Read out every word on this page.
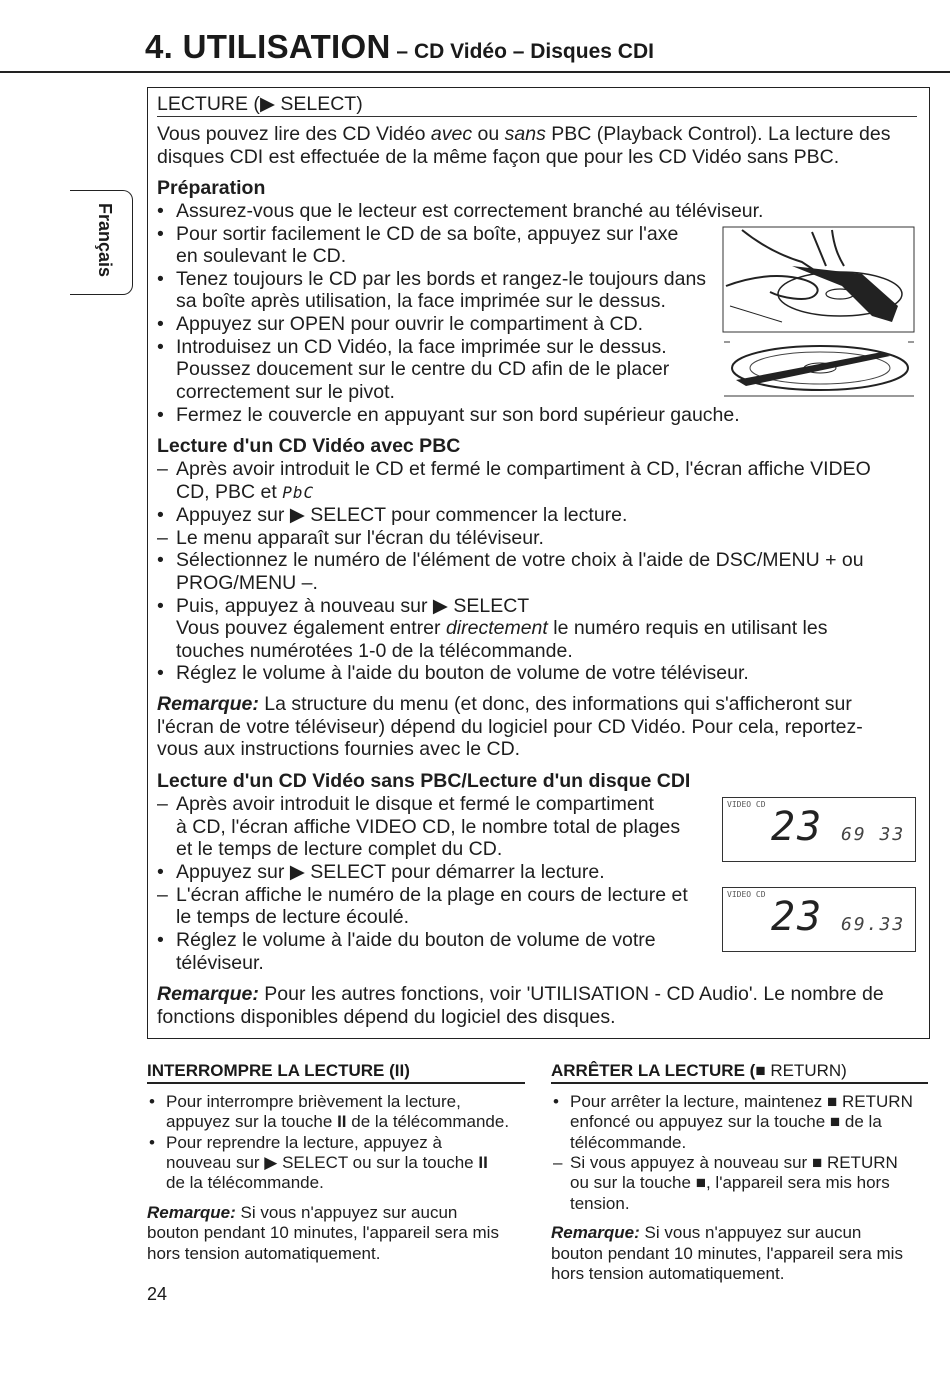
4. UTILISATION – CD Vidéo – Disques CDI
Français
LECTURE (▶ SELECT)
Vous pouvez lire des CD Vidéo avec ou sans PBC (Playback Control). La lecture des
disques CDI est effectuée de la même façon que pour les CD Vidéo sans PBC.
Préparation
• Assurez-vous que le lecteur est correctement branché au téléviseur.
• Pour sortir facilement le CD de sa boîte, appuyez sur l'axe
en soulevant le CD.
• Tenez toujours le CD par les bords et rangez-le toujours dans
sa boîte après utilisation, la face imprimée sur le dessus.
• Appuyez sur OPEN pour ouvrir le compartiment à CD.
• Introduisez un CD Vidéo, la face imprimée sur le dessus.
Poussez doucement sur le centre du CD afin de le placer
correctement sur le pivot.
• Fermez le couvercle en appuyant sur son bord supérieur gauche.
Lecture d'un CD Vidéo avec PBC
– Après avoir introduit le CD et fermé le compartiment à CD, l'écran affiche VIDEO
CD, PBC et PbC
• Appuyez sur ▶ SELECT pour commencer la lecture.
– Le menu apparaît sur l'écran du téléviseur.
• Sélectionnez le numéro de l'élément de votre choix à l'aide de DSC/MENU + ou
PROG/MENU –.
• Puis, appuyez à nouveau sur ▶ SELECT
Vous pouvez également entrer directement le numéro requis en utilisant les
touches numérotées 1-0 de la télécommande.
• Réglez le volume à l'aide du bouton de volume de votre téléviseur.
Remarque: La structure du menu (et donc, des informations qui s'afficheront sur
l'écran de votre téléviseur) dépend du logiciel pour CD Vidéo. Pour cela, reportez-
vous aux instructions fournies avec le CD.
Lecture d'un CD Vidéo sans PBC/Lecture d'un disque CDI
– Après avoir introduit le disque et fermé le compartiment
à CD, l'écran affiche VIDEO CD, le nombre total de plages
et le temps de lecture complet du CD.
• Appuyez sur ▶ SELECT pour démarrer la lecture.
– L'écran affiche le numéro de la plage en cours de lecture et
le temps de lecture écoulé.
• Réglez le volume à l'aide du bouton de volume de votre
téléviseur.
VIDEO CD 23 69 33
VIDEO CD 23 69.33
Remarque: Pour les autres fonctions, voir 'UTILISATION - CD Audio'. Le nombre de
fonctions disponibles dépend du logiciel des disques.
INTERROMPRE LA LECTURE (II)
• Pour interrompre brièvement la lecture,
appuyez sur la touche II de la télécommande.
• Pour reprendre la lecture, appuyez à
nouveau sur ▶ SELECT ou sur la touche II
de la télécommande.
Remarque: Si vous n'appuyez sur aucun
bouton pendant 10 minutes, l'appareil sera mis
hors tension automatiquement.
ARRÊTER LA LECTURE (■ RETURN)
• Pour arrêter la lecture, maintenez ■ RETURN
enfoncé ou appuyez sur la touche ■ de la
télécommande.
– Si vous appuyez à nouveau sur ■ RETURN
ou sur la touche ■, l'appareil sera mis hors
tension.
Remarque: Si vous n'appuyez sur aucun
bouton pendant 10 minutes, l'appareil sera mis
hors tension automatiquement.
24
